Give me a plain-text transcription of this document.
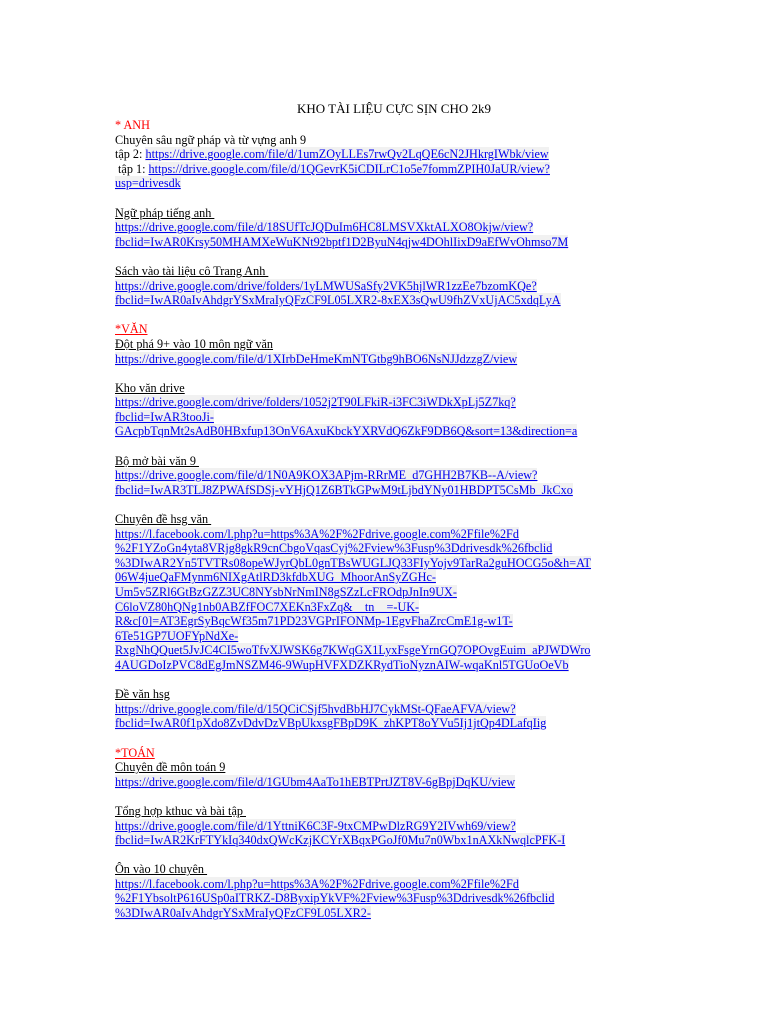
KHO TÀI LIỆU CỰC SỊN CHO 2k9
* ANH
Chuyên sâu ngữ pháp và từ vựng anh 9
tập 2: https://drive.google.com/file/d/1umZOyLLEs7rwQv2LqQE6cN2JHkrgIWbk/view
tập 1: https://drive.google.com/file/d/1QGevrK5iCDILrC1o5e7fommZPIH0JaUR/view?
usp=drivesdk
Ngữ pháp tiếng anh
https://drive.google.com/file/d/18SUfTcJQDuIm6HC8LMSVXktALXO8Okjw/view?
fbclid=IwAR0Krsy50MHAMXeWuKNt92bptf1D2ByuN4qjw4DOhlIixD9aEfWvOhmso7M
Sách vào tài liệu cô Trang Anh
https://drive.google.com/drive/folders/1yLMWUSaSfy2VK5hjlWR1zzEe7bzomKQe?
fbclid=IwAR0aIvAhdgrYSxMraIyQFzCF9L05LXR2-8xEX3sQwU9fhZVxUjAC5xdqLyA
*VĂN
Đột phá 9+ vào 10 môn ngữ văn
https://drive.google.com/file/d/1XIrbDeHmeKmNTGtbg9hBO6NsNJJdzzgZ/view
Kho văn drive
https://drive.google.com/drive/folders/1052j2T90LFkiR-i3FC3iWDkXpLj5Z7kq?
fbclid=IwAR3tooJi-
GAcpbTqnMt2sAdB0HBxfup13OnV6AxuKbckYXRVdQ6ZkF9DB6Q&sort=13&direction=a
Bộ mở bài văn 9
https://drive.google.com/file/d/1N0A9KOX3APjm-RRrME_d7GHH2B7KB--A/view?
fbclid=IwAR3TLJ8ZPWAfSDSj-vYHjQ1Z6BTkGPwM9tLjbdYNy01HBDPT5CsMb_JkCxo
Chuyên đề hsg văn
https://l.facebook.com/l.php?u=https%3A%2F%2Fdrive.google.com%2Ffile%2Fd
%2F1YZoGn4yta8VRjg8gkR9cnCbgoVqasCyj%2Fview%3Fusp%3Ddrivesdk%26fbclid
%3DIwAR2Yn5TVTRs08opeWJyrQbL0gnTBsWUGLJQ33FIyYojv9TarRa2guHOCG5o&h=AT
06W4jueQaFMynm6NIXgAtlRD3kfdbXUG_MhoorAnSyZGHc-
Um5v5ZRl6GtBzGZZ3UC8NYsbNrNmIN8gSZzLcFROdpJnIn9UX-
C6loVZ80hQNg1nb0ABZfFOC7XEKn3FxZq&__tn__=-UK-
R&c[0]=AT3EgrSyBqcWf35m71PD23VGPrIFONMp-1EgvFhaZrcCmE1g-w1T-
6Te51GP7UOFYpNdXe-
RxgNhQQuet5JvJC4CI5woTfvXJWSK6g7KWqGX1LyxFsgeYrnGQ7OPOvgEuim_aPJWDWro
4AUGDoIzPVC8dEgJmNSZM46-9WupHVFXDZKRydTioNyznAIW-wqaKnl5TGUoOeVb
Đề văn hsg
https://drive.google.com/file/d/15QCiCSjf5hvdBbHJ7CykMSt-QFaeAFVA/view?
fbclid=IwAR0f1pXdo8ZvDdvDzVBpUkxsgFBpD9K_zhKPT8oYVu5Ij1jtQp4DLafqIig
*TOÁN
Chuyên đề môn toán 9
https://drive.google.com/file/d/1GUbm4AaTo1hEBTPrtJZT8V-6gBpjDqKU/view
Tổng hợp kthuc và bài tập
https://drive.google.com/file/d/1YttniK6C3F-9txCMPwDlzRG9Y2IVwh69/view?
fbclid=IwAR2KrFTYkIq340dxQWcKzjKCYrXBqxPGoJf0Mu7n0Wbx1nAXkNwqlcPFK-I
Ôn vào 10 chuyên
https://l.facebook.com/l.php?u=https%3A%2F%2Fdrive.google.com%2Ffile%2Fd
%2F1YbsoltP616USp0aITRKZ-D8ByxipYkVF%2Fview%3Fusp%3Ddrivesdk%26fbclid
%3DIwAR0aIvAhdgrYSxMraIyQFzCF9L05LXR2-
